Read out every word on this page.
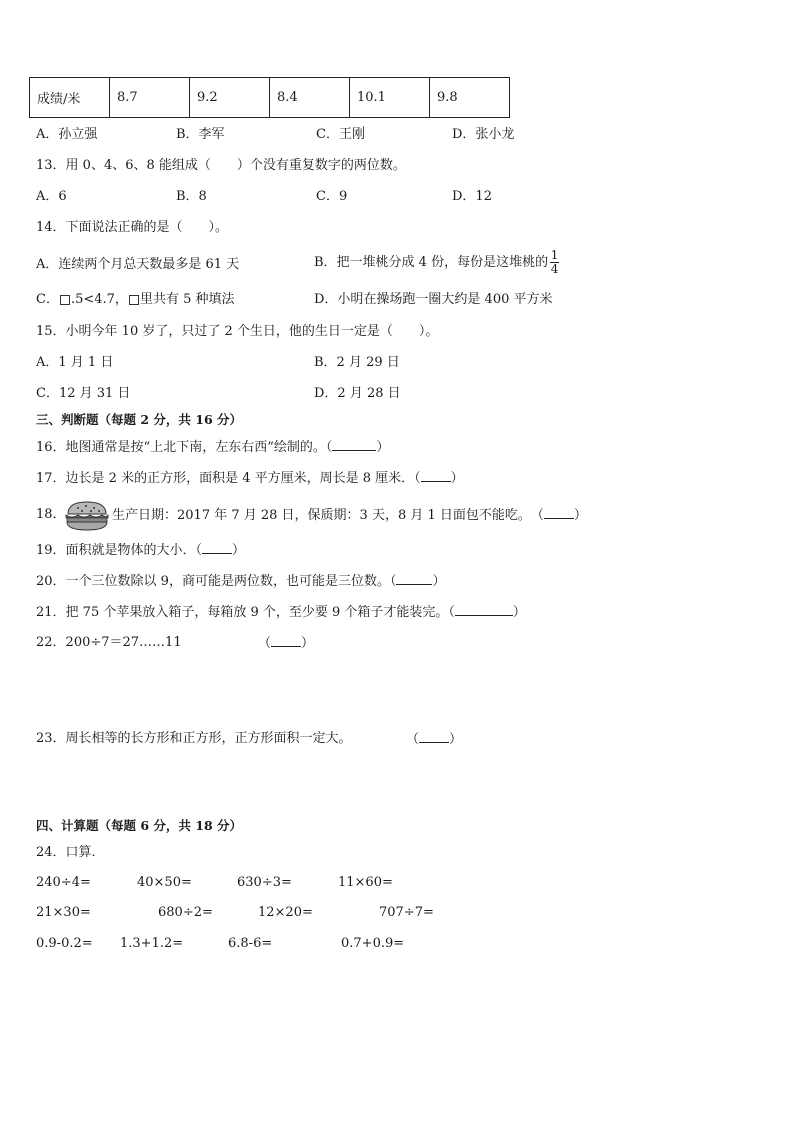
成绩/米	8.7	9.2	8.4	10.1	9.8
A．孙立强	B．李军	C．王刚	D．张小龙
13．用 0、4、6、8 能组成（　　）个没有重复数字的两位数。
A．6	B．8	C．9	D．12
14．下面说法正确的是（　　）。
A．连续两个月总天数最多是 61 天	B．把一堆桃分成 4 份，每份是这堆桃的 $\frac{1}{4}$
C． .5<4.7， 里共有 5 种填法	D．小明在操场跑一圈大约是 400 平方米
15．小明今年 10 岁了，只过了 2 个生日，他的生日一定是（　　）。
A．1 月 1 日	B．2 月 29 日
C．12 月 31 日	D．2 月 28 日
三、判断题（每题 2 分，共 16 分）
16．地图通常是按“上北下南，左东右西”绘制的。（	）
17．边长是 2 米的正方形，面积是 4 平方厘米，周长是 8 厘米．（ ）
18．	生产日期：2017 年 7 月 28 日，保质期：3 天，8 月 1 日面包不能吃。　（ ）
19．面积就是物体的大小．（ ）
20．一个三位数除以 9，商可能是两位数，也可能是三位数。（	）
21．把 75 个苹果放入箱子，每箱放 9 个，至少要 9 个箱子才能装完。（	）
22．200÷7＝27……11	（ ）
23．周长相等的长方形和正方形，正方形面积一定大。	（ ）
四、计算题（每题 6 分，共 18 分）
24．口算．
240÷4=	40×50=	630÷3=	11×60=
21×30=	680÷2=	12×20=	707÷7=
0.9-0.2= 1.3+1.2=	6.8-6=	0.7+0.9=
